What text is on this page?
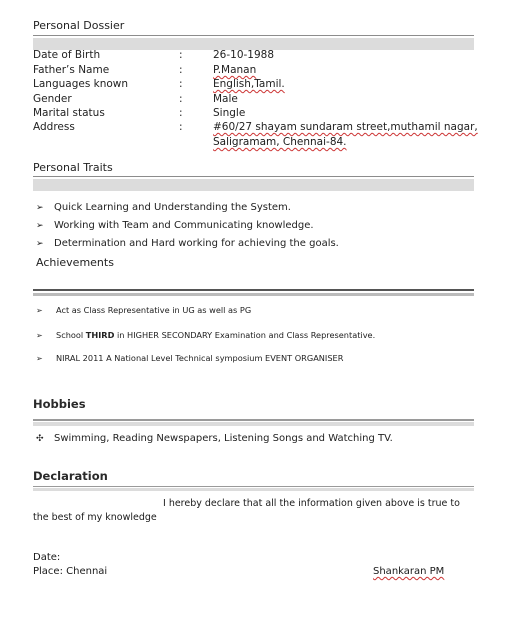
Personal Dossier
Date of Birth	:	26-10-1988
Father’s Name	:	P.Manan
Languages known	:	English,Tamil.
Gender	:	Male
Marital status	:	Single
Address	:	#60/27 shayam sundaram street,muthamil nagar,
Saligramam, Chennai-84.
Personal Traits
➢ Quick Learning and Understanding the System.
➢ Working with Team and Communicating knowledge.
➢ Determination and Hard working for achieving the goals.
Achievements
➢ Act as Class Representative in UG as well as PG
➢ School THIRD in HIGHER SECONDARY Examination and Class Representative.
➢ NIRAL 2011 A National Level Technical symposium EVENT ORGANISER
Hobbies
✣ Swimming, Reading Newspapers, Listening Songs and Watching TV.
Declaration
I hereby declare that all the information given above is true to
the best of my knowledge
Date:
Place: Chennai	Shankaran PM
